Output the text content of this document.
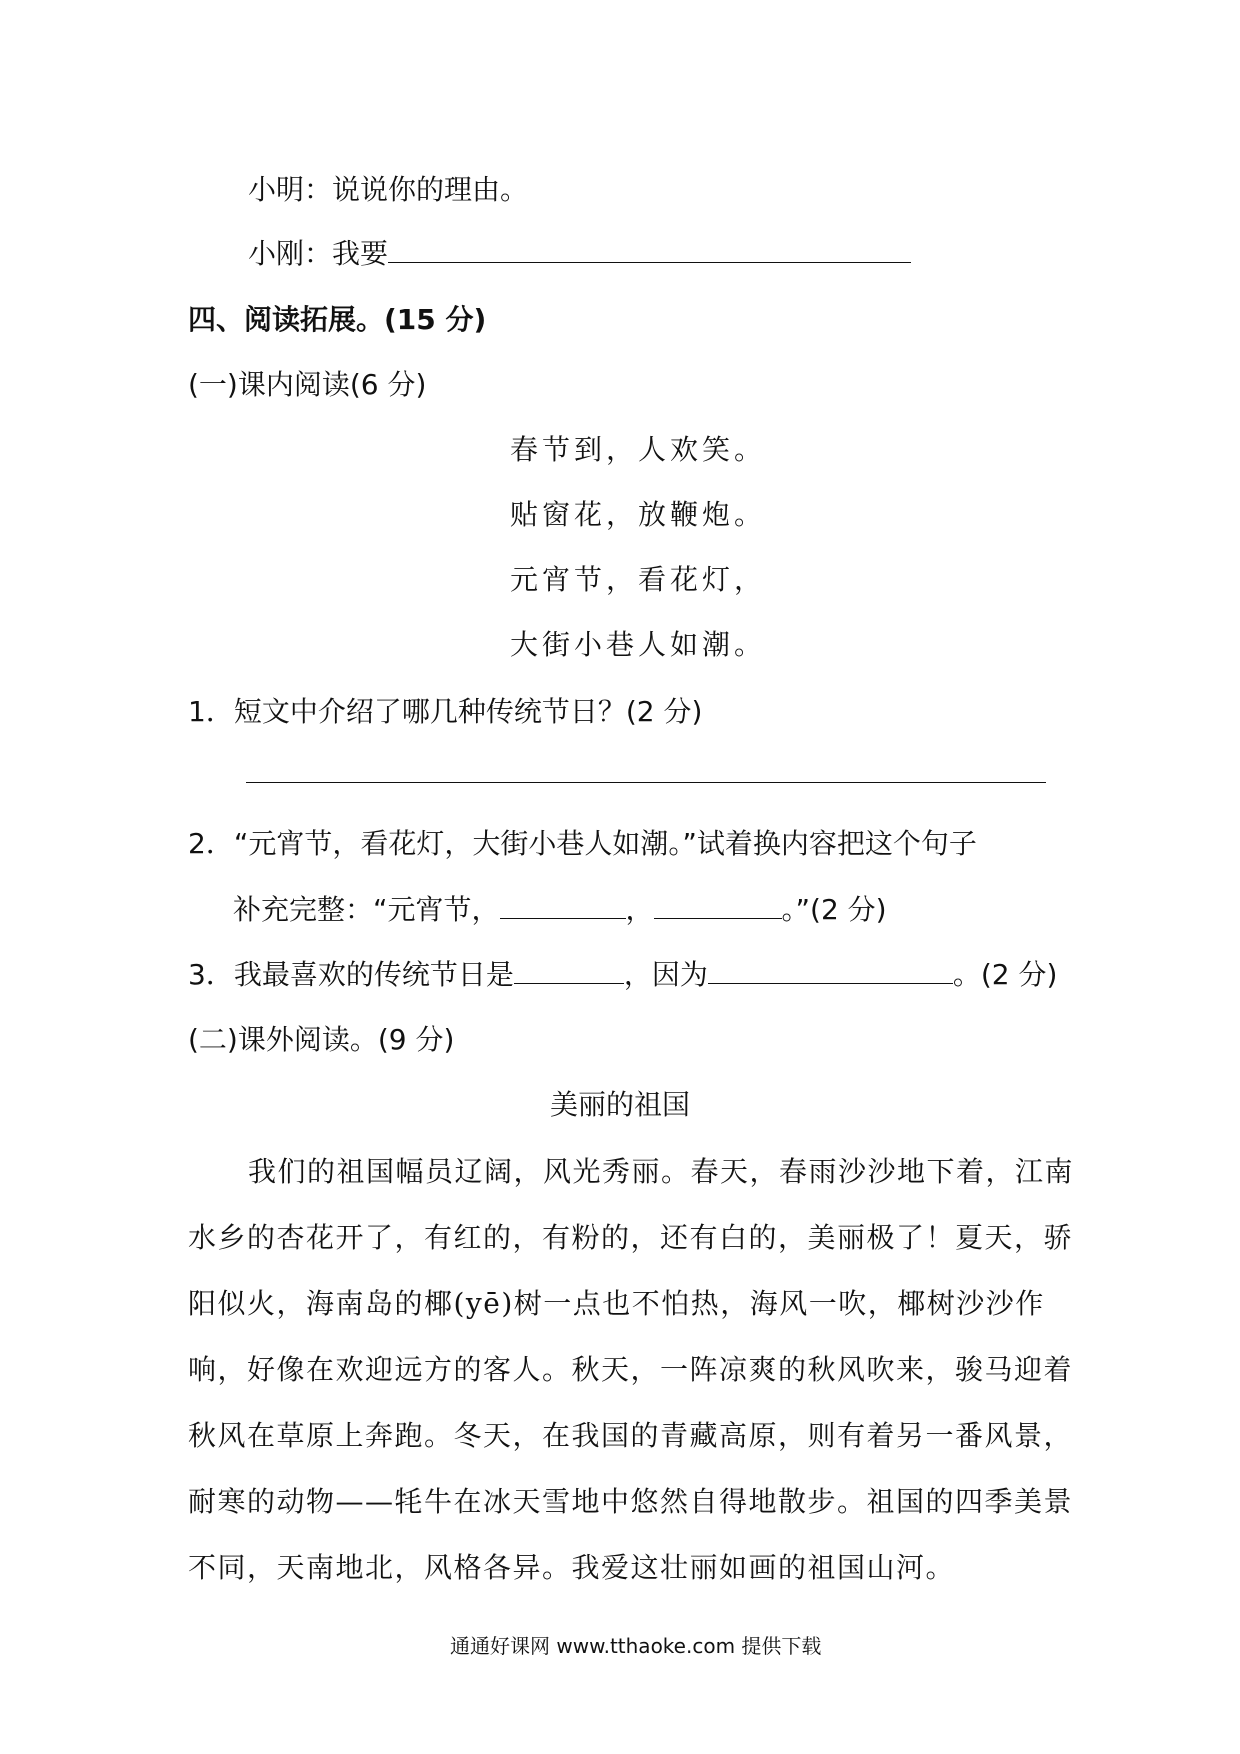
小明：说说你的理由。
小刚：我要
四、阅读拓展。(15 分)
(一)课内阅读(6 分)
春节到，人欢笑。
贴窗花，放鞭炮。
元宵节，看花灯，
大街小巷人如潮。
1．短文中介绍了哪几种传统节日？(2 分)
2．“元宵节，看花灯，大街小巷人如潮。”试着换内容把这个句子
补充完整：“元宵节，	，	。”(2 分)
3．我最喜欢的传统节日是	，因为	。(2 分)
(二)课外阅读。(9 分)
美丽的祖国
我们的祖国幅员辽阔，风光秀丽。春天，春雨沙沙地下着，江南
水乡的杏花开了，有红的，有粉的，还有白的，美丽极了！夏天，骄
阳似火，海南岛的椰(yē)树一点也不怕热，海风一吹，椰树沙沙作
响，好像在欢迎远方的客人。秋天，一阵凉爽的秋风吹来，骏马迎着
秋风在草原上奔跑。冬天，在我国的青藏高原，则有着另一番风景，
耐寒的动物——牦牛在冰天雪地中悠然自得地散步。祖国的四季美景
不同，天南地北，风格各异。我爱这壮丽如画的祖国山河。
通通好课网 www.tthaoke.com 提供下载
